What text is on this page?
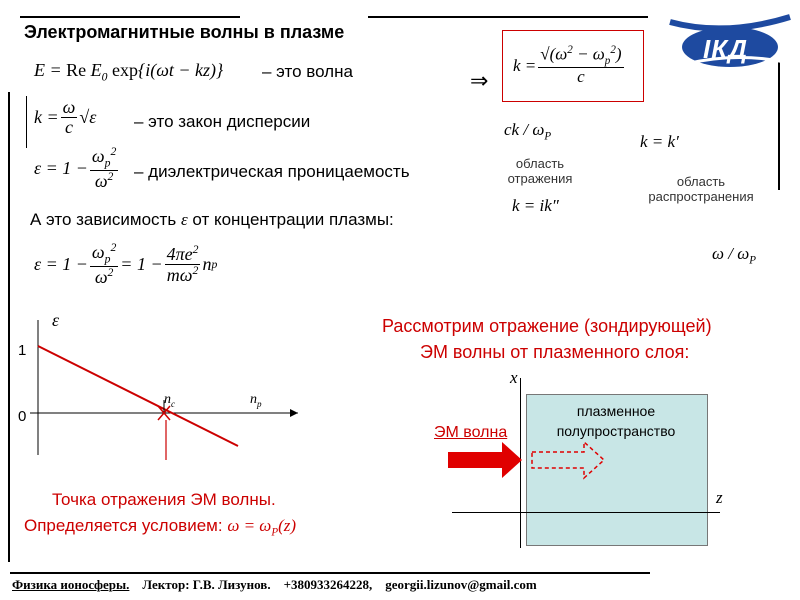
Электромагнитные волны в плазме
ІКД
E = Re $E_0$ exp{i(ωt − kz)} – это волна
$k = \frac{\omega}{c} √\varepsilon$ – это закон дисперсии
$\varepsilon = 1 - \frac{\omega_p^2}{\omega^2}$ – диэлектрическая проницаемость
А это зависимость ε от концентрации плазмы:
$\varepsilon = 1 - \frac{\omega_p^2}{\omega^2} = 1 - \frac{4\pi e^2}{m\omega^2}$ n p
⇒
$k = \frac{√(\omega^2 - \omega_p^2)}{c}$
ck / $\omega_P$	k = k′
область отражения
k = ik″
область распространения
ω / $\omega_P$
ε
1
0
$n_c$	$n_p$
Точка отражения ЭМ волны.
Определяется условием: $\omega = \omega_P(z)$
Рассмотрим отражение (зондирующей)
ЭМ волны от плазменного слоя:
x
плазменное полупространство
z
ЭМ волна
Физика ионосферы. Лектор: Г.В. Лизунов. +380933264228, georgii.lizunov@gmail.com
